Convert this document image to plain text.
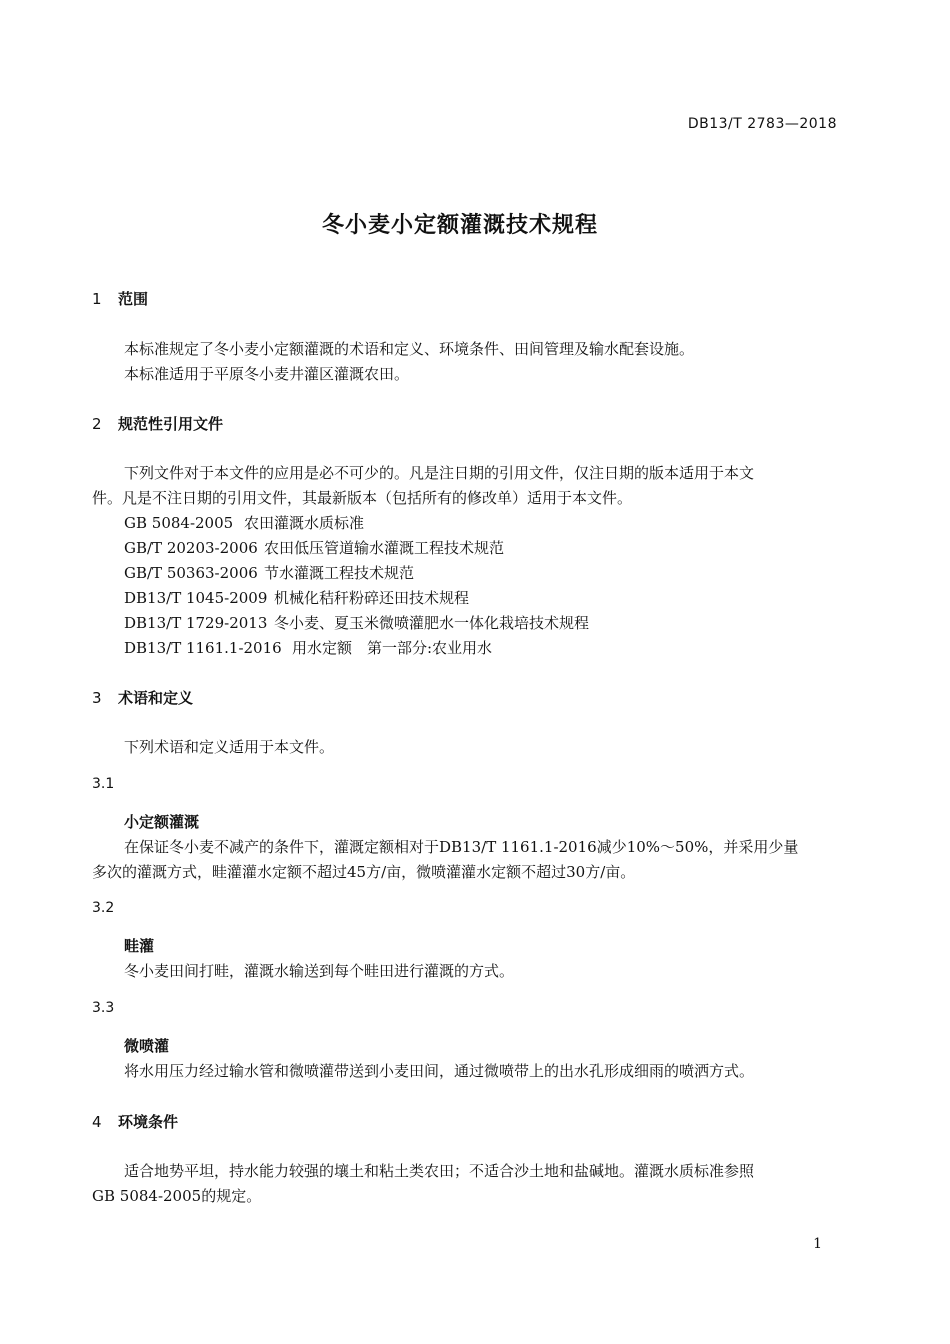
DB13/T 2783—2018
冬小麦小定额灌溉技术规程
1 范围
本标准规定了冬小麦小定额灌溉的术语和定义、环境条件、田间管理及输水配套设施。
本标准适用于平原冬小麦井灌区灌溉农田。
2 规范性引用文件
下列文件对于本文件的应用是必不可少的。凡是注日期的引用文件，仅注日期的版本适用于本文
件。凡是不注日期的引用文件，其最新版本（包括所有的修改单）适用于本文件。
GB 5084-2005 农田灌溉水质标准
GB/T 20203-2006 农田低压管道输水灌溉工程技术规范
GB/T 50363-2006 节水灌溉工程技术规范
DB13/T 1045-2009 机械化秸秆粉碎还田技术规程
DB13/T 1729-2013 冬小麦、夏玉米微喷灌肥水一体化栽培技术规程
DB13/T 1161.1-2016 用水定额　第一部分:农业用水
3 术语和定义
下列术语和定义适用于本文件。
3.1
小定额灌溉
在保证冬小麦不减产的条件下，灌溉定额相对于DB13/T 1161.1-2016减少10%～50%，并采用少量
多次的灌溉方式，畦灌灌水定额不超过45方/亩，微喷灌灌水定额不超过30方/亩。
3.2
畦灌
冬小麦田间打畦，灌溉水输送到每个畦田进行灌溉的方式。
3.3
微喷灌
将水用压力经过输水管和微喷灌带送到小麦田间，通过微喷带上的出水孔形成细雨的喷洒方式。
4 环境条件
适合地势平坦，持水能力较强的壤土和粘土类农田；不适合沙土地和盐碱地。灌溉水质标准参照
GB 5084-2005的规定。
1
